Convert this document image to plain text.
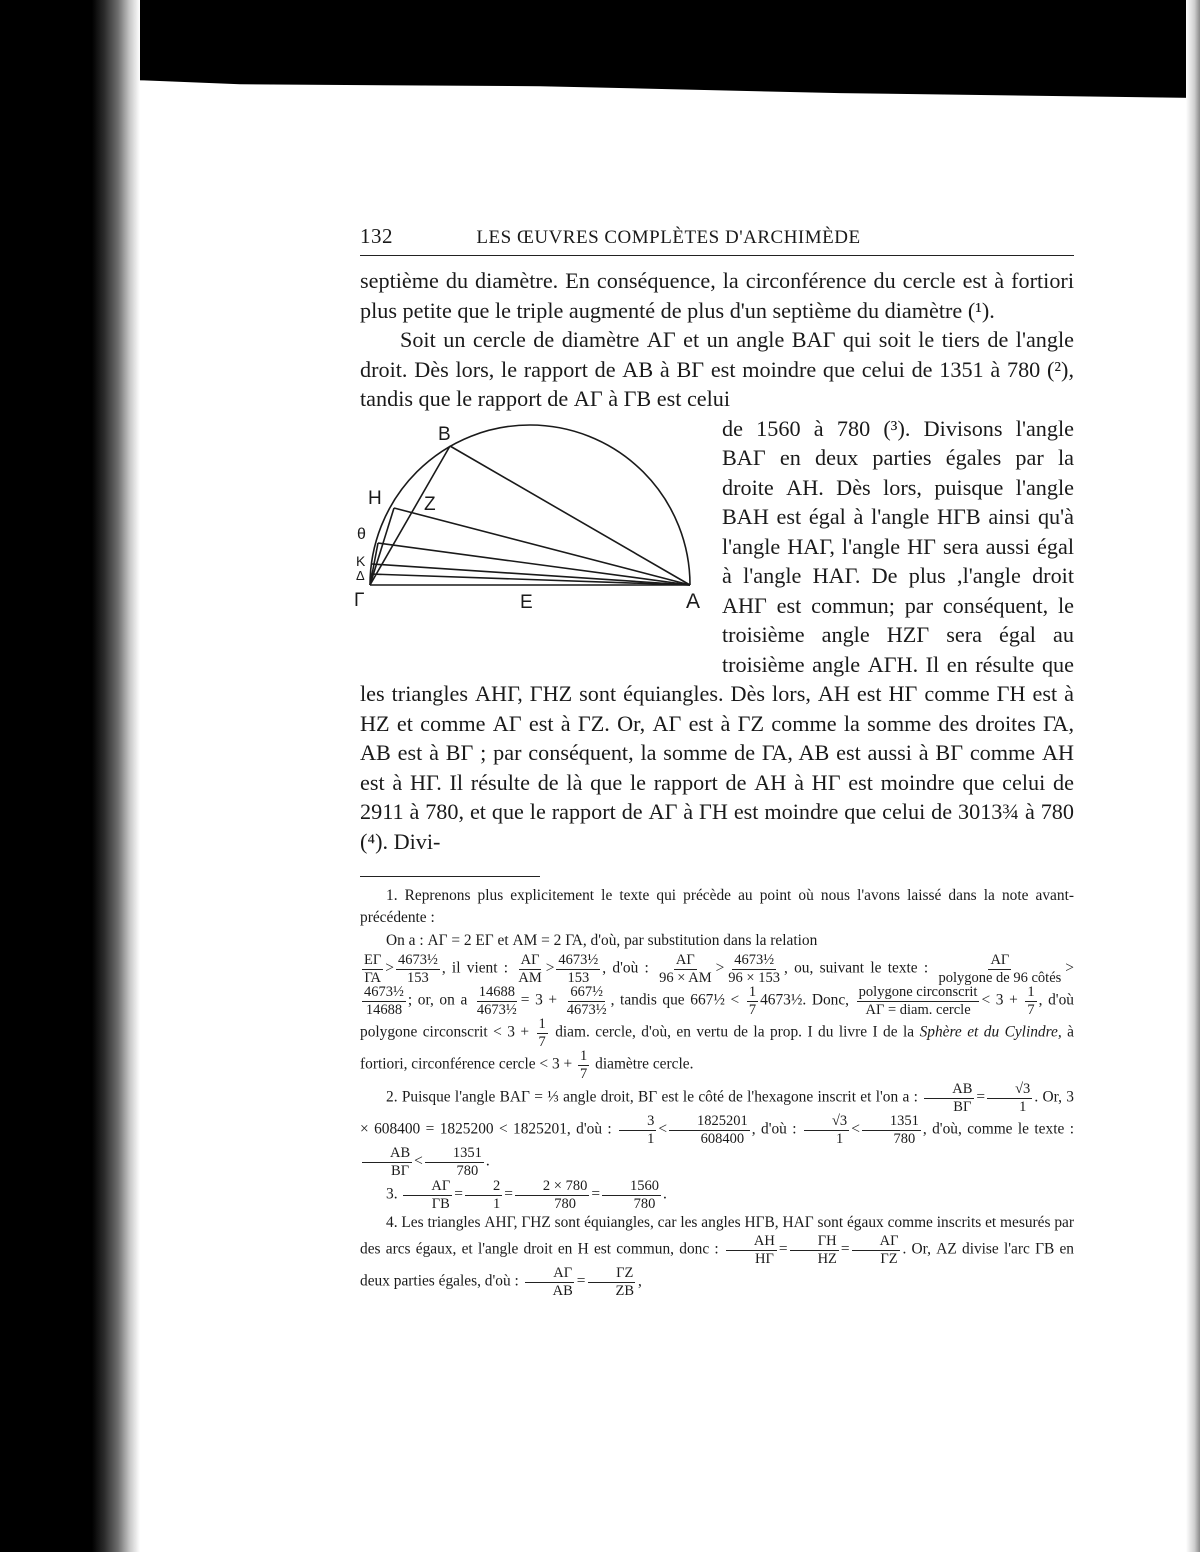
132	LES ŒUVRES COMPLÈTES D'ARCHIMÈDE

septième du diamètre. En conséquence, la circonférence du cercle est à fortiori plus petite que le triple augmenté de plus d'un septième du diamètre (¹).

Soit un cercle de diamètre ΑΓ et un angle ΒΑΓ qui soit le tiers de l'angle droit. Dès lors, le rapport de ΑΒ à ΒΓ est moindre que celui de 1351 à 780 (²), tandis que le rapport de ΑΓ à ΓΒ est celui

B
Z
H
θ
K
Δ
Γ	E	A

de 1560 à 780 (³). Divisons l'angle ΒΑΓ en deux parties égales par la droite ΑΗ. Dès lors, puisque l'angle ΒΑΗ est égal à l'angle ΗΓΒ ainsi qu'à l'angle ΗΑΓ, l'angle ΗΓ sera aussi égal à l'angle ΗΑΓ. De plus ,l'angle droit ΑΗΓ est commun; par conséquent, le troisième angle ΗΖΓ sera égal au troisième angle ΑΓΗ. Il en résulte que les triangles ΑΗΓ, ΓΗΖ sont équiangles. Dès lors, ΑΗ est ΗΓ comme ΓΗ est à ΗΖ et comme ΑΓ est à ΓΖ. Or, ΑΓ est à ΓΖ comme la somme des droites ΓΑ, ΑΒ est à ΒΓ ; par conséquent, la somme de ΓΑ, ΑΒ est aussi à ΒΓ comme ΑΗ est à ΗΓ. Il résulte de là que le rapport de ΑΗ à ΗΓ est moindre que celui de 2911 à 780, et que le rapport de ΑΓ à ΓΗ est moindre que celui de 3013¾ à 780 (⁴). Divi-

1. Reprenons plus explicitement le texte qui précède au point où nous l'avons laissé dans la note avant-précédente :

On a : ΑΓ = 2 ΕΓ et ΑΜ = 2 ΓΑ, d'où, par substitution dans la relation

$\frac{E\Gamma}{\Gamma A} > \frac{\text{4673½}}{153}$ , il vient : $\frac{A\Gamma}{AM} > \frac{\text{4673½}}{153}$ , d'où : $\frac{A\Gamma}{96 \times AM} > \frac{\text{4673½}}{96 \times 153}$ , ou, suivant le texte : $\frac{A\Gamma}{\text{polygone de 96 côtés}}$ >
$\frac{\text{4673½}}{14688}$ ; or, on a $\frac{14688}{\text{4673½}} = 3 + \frac{\text{667½}}{\text{4673½}}$ , tandis que 667½ < $\frac{1}{7}$ 4673½. Donc, $\frac{\text{polygone circonscrit}}{\text{ΑΓ = diam. cercle}} < 3 + \frac{1}{7}$ , d'où polygone circonscrit < $3 + \frac{1}{7}$ diam. cercle, d'où, en vertu de la prop. I du livre I de la Sphère et du Cylindre, à fortiori, circonférence cercle < $3 + \frac{1}{7}$ diamètre cercle.

2. Puisque l'angle ΒΑΓ = ⅓ angle droit, ΒΓ est le côté de l'hexagone inscrit et l'on a : $\frac{AB}{B\Gamma} = \frac{√3}{1}$ . Or, 3 × 608400 = 1825200 < 1825201, d'où : $\frac{3}{1} < \frac{1825201}{608400}$ , d'où : $\frac{√3}{1} < \frac{1351}{780}$ , d'où, comme le texte :
$\frac{AB}{B\Gamma} < \frac{1351}{780}$ .

3. $\frac{A\Gamma}{\Gamma B} = \frac{2}{1} = \frac{2 \times 780}{780} = \frac{1560}{780}$ .

4. Les triangles ΑΗΓ, ΓΗΖ sont équiangles, car les angles ΗΓΒ, ΗΑΓ sont égaux comme inscrits et mesurés par des arcs égaux, et l'angle droit en Η est commun, donc : $\frac{AH}{H\Gamma} = \frac{\Gamma H}{HZ} = \frac{A\Gamma}{\Gamma Z}$ . Or, ΑΖ divise l'arc ΓΒ en deux parties égales, d'où : $\frac{A\Gamma}{AB} = \frac{\Gamma Z}{ZB}$ ,
